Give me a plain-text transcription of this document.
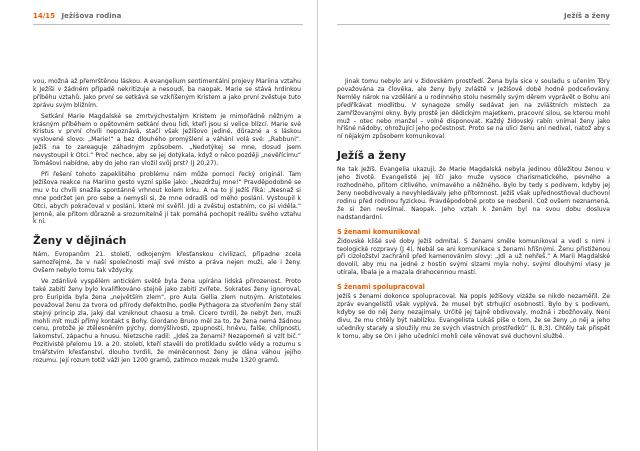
14/15 Ježíšova rodina

vou, možná až přemrštěnou láskou. A evangelium sentimentální projevy Mariina vztahu k Ježíši v žádném případě nekritizuje a nesoudí, ba naopak. Marie se stává hrdinkou příběhu vztahů. Jako první se setkává se vzkříšeným Kristem a jako první zvěstuje tuto zprávu svým bližním.

Setkání Marie Magdalské se zmrtvýchvstalým Kristem je mimořádně něžným a krásným příběhem o opětovném setkání dvou lidí, kteří jsou si velice blízcí. Marie své Kristus v první chvíli nepoznává, stačí však Ježíšovo jediné, důrazné a s láskou vyslovené slovo: „Marie!“ a bez dlouhého promýšlení a váhání volá své: „Rabbuni“. Ježíš na to zareaguje záhadným způsobem. „Nedotýkej se mne, dosud jsem nevystoupil k Otci.“ Proč nechce, aby se jej dotýkala, když o něco později „nevěřícímu“ Tomášovi nabídne, aby do jeho ran vložil svůj prst? (J 20,27).

Při řešení tohoto zapeklitého problému nám může pomoci řecký originál. Tam Ježíšova reakce na Mariino gesto vyzní spíše jako: „Nezdržuj mne!“ Pravděpodobně se mu v tu chvíli snažila spontánně vrhnout kolem krku. A na to jí Ježíš říká: „Nesnaž si mne podržet jen pro sebe a nemysli si, že mne odradíš od mého poslání. Vystoupil k Otci, abych pokračoval v poslání, které mi svěřil. Jdi a zvěstuj ostatním, co jsi viděla.“ Jemně, ale přitom důrazně a srozumitelně jí tak pomáhá pochopit reálitu svého vztahu k ní.

Ženy v dějinách

Nám, Evropanům 21. století, odkojeným křesťanskou civilizací, připadne zcela samozřejmé, že v naší společnosti mají své místo a práva nejen muži, ale i ženy. Ovšem nebylo tomu tak vždycky.

Ve zdánlivě vyspělém antickém světě byla žena upírána lidská přirozenost. Proto také zabití ženy bylo kvalifikováno stejně jako zabití zvířete. Sokrates ženy ignoroval, pro Euripida byla žena „největším zlem“, pro Aula Gellia zlem nutným. Aristoteles považoval ženu za tvora od přírody defektního, podle Pythagora za stvořením ženy stál stejný princip zla, jaký dal vzniknout chaosu a tmě. Cicero tvrdil, že nebýt žen, muži mohli mít muži přímý kontakt s Bohy. Giordano Bruno měl za to, že žena nemá žádnou cenu, protože je ztělesněním pýchy, domýšlivosti, zpupnosti, hněvu, falše, chlípnosti, lakomství, zápachu a hnusu. Nietzsche radil: „Jdeš za ženami? Nezapomeň si vzít bič.“ Pozitivisté přelomu 19. a 20. století, kteří stavěli do protikladu světlo vědy a rozumu s tmářstvím křesťanství, dlouho tvrdili, že méněcennost ženy je dána váhou jejího rozumu. Její rozum totiž váží jen 1200 gramů, zatímco mozek muže 1320 gramů.

Ježíš a ženy

Jinak tomu nebylo ani v židovském prostředí. Žena byla sice v souladu s učením Tóry považována za člověka, ale ženy byly zvláště v Ježíšově době hodně podceňovány. Nemlěy nárok na vzdělání a u rodinného stolu nesměly svým děrem vyprávět o Bohu ani předříkávat modlitbu. V synagoze směly sedávat jen na zvláštních místech za zamřížovanými okny. Byly prostě jen dědickým majetkem, pracovní silou, se kterou mohl muž – otec nebo manžel – volně disponovat. Každý židovský rabín vnímal ženy jako hříšné nádoby, ohrožující jeho počestnost. Proto se na ulici ženu ani nedíval, natož aby s ní nějakým způsobem komunikoval.

Ježíš a ženy

Ne tak Ježíš. Evangelia ukazují, že Marie Magdalská nebyla jedinou důležitou ženou v jeho životě. Evangelisté jej líčí jako muže vysoce charismatického, pevného a rozhodného, přitom citlivého, vnímavého a něžného. Bylo by tedy s podivem, kdyby jej ženy neobdivovaly a nevyhledávaly jeho přítomnost. Ježíš však upřednostňoval duchovní rodinu před rodinou fyzickou. Pravděpodobně proto se neoženil. Což ovšem neznamená, že si žen nevšímal. Naopak. Jeho vztah k ženám byl na svou dobu dosluva nadstandardní.

S ženami komunikoval

Židovské klišé své doby Ježíš odmítal. S ženami směle komunikoval a vedl s nimi i teologické rozpravy (J 4). Nebál se ani komunikace s ženami hříšnými. Ženu přistiženou při cizoložství zachránil před kamenováním slovy: „Jdi a už nehřeš.“ A Marii Magdalské dovolil, aby mu na jedné z hostin svými slzami myla nohy, svými dlouhými vlasy je utírala, líbala je a mazala drahocennou mastí.

S ženami spolupracoval

Ježíš s ženami dokonce spolupracoval. Na popis Ježíšovy vizáže se nikdo nezaměřil. Ze zpráv evangelistů však vyplývá, že musel být strhující osobností. Bylo by s podivem, kdyby se do něj ženy nezajímaly. Určitě jej tajně obdivovaly, možná i zbožňovaly. Není divu, že mu chtěly být nablízku. Evangelista Lukáš píše o tom, že se ženy „o něj a jeho učedníky starały a sloužily mu ze svých vlastních prostředků“ (L 8,3). Chtěly tak přispět k tomu, aby se On i jeho učedníci mohli cele věnovat své duchovní službě.
